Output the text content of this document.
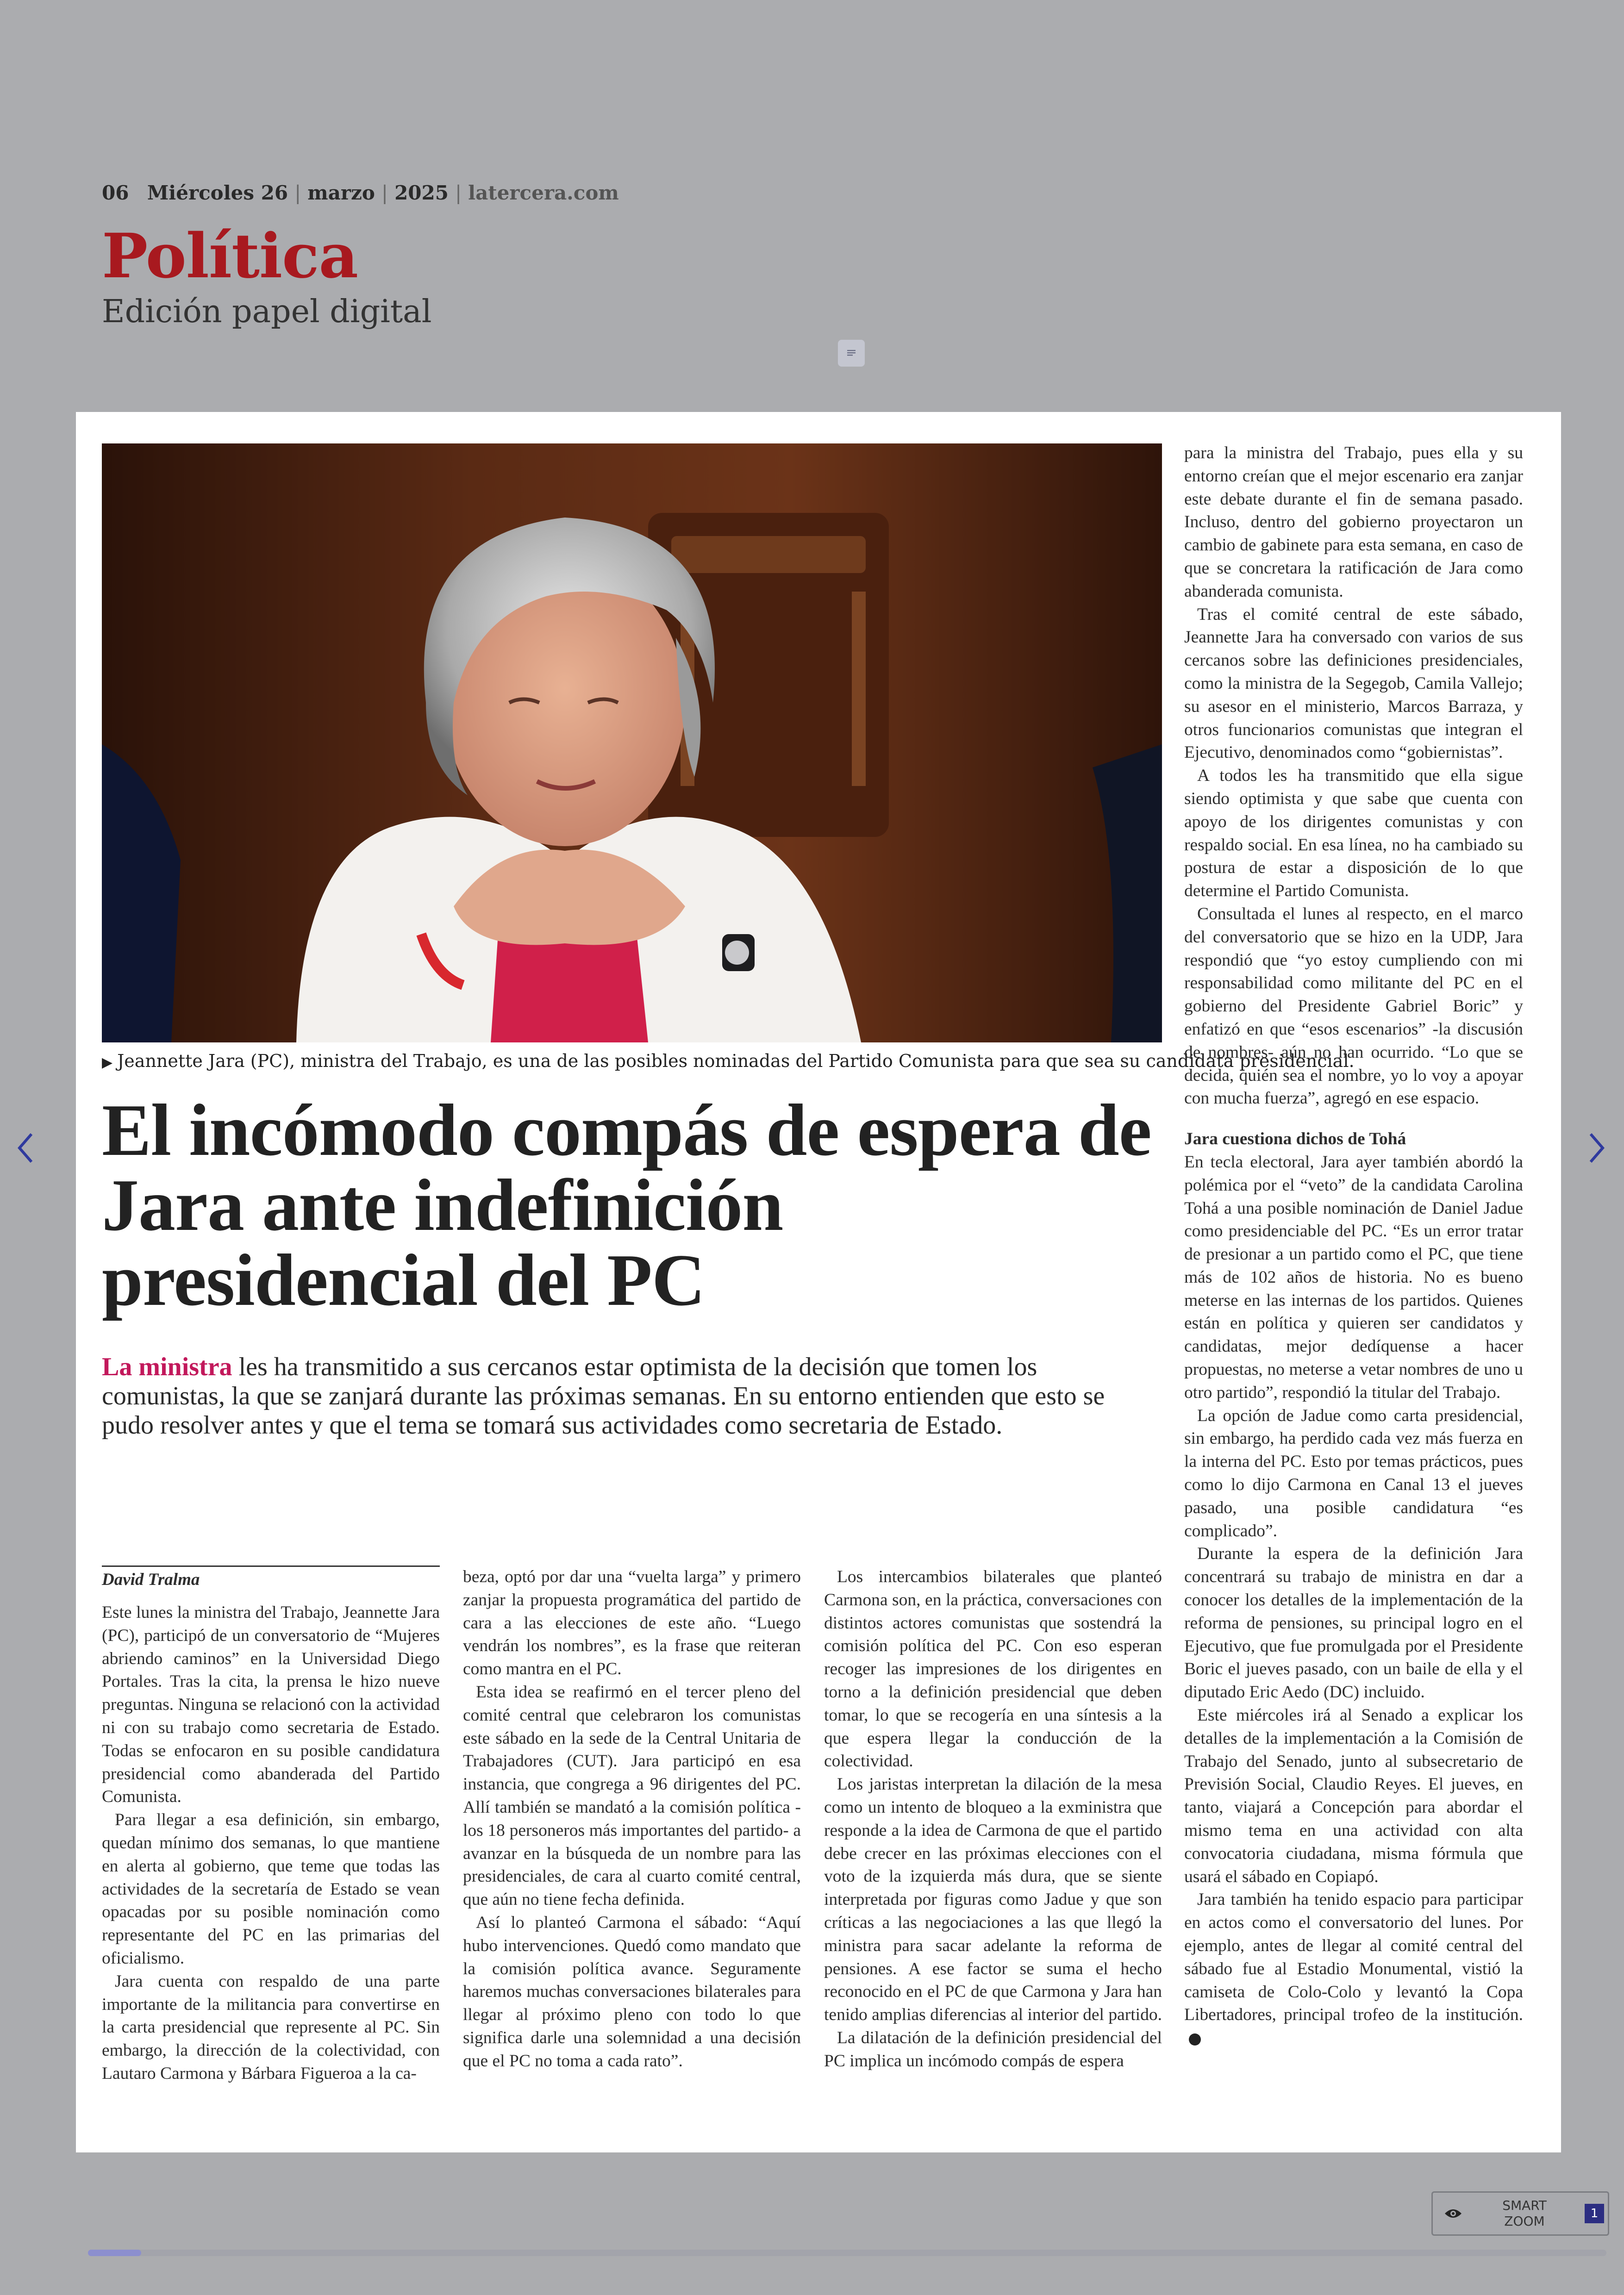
06 Miércoles 26 | marzo | 2025 | latercera.com
Política
Edición papel digital
▶ Jeannette Jara (PC), ministra del Trabajo, es una de las posibles nominadas del Partido Comunista para que sea su candidata presidencial.
El incómodo compás de espera de Jara ante indefinición presidencial del PC

La ministra les ha transmitido a sus cercanos estar optimista de la decisión que tomen los comunistas, la que se zanjará durante las próximas semanas. En su entorno entienden que esto se pudo resolver antes y que el tema se tomará sus actividades como secretaria de Estado.

David Tralma

Este lunes la ministra del Trabajo, Jeannette Jara (PC), participó de un conversatorio de “Mujeres abriendo caminos” en la Universidad Diego Portales. Tras la cita, la prensa le hizo nueve preguntas. Ninguna se relacionó con la actividad ni con su trabajo como secretaria de Estado. Todas se enfocaron en su posible candidatura presidencial como abanderada del Partido Comunista.

Para llegar a esa definición, sin embargo, quedan mínimo dos semanas, lo que mantiene en alerta al gobierno, que teme que todas las actividades de la secretaría de Estado se vean opacadas por su posible nominación como representante del PC en las primarias del oficialismo.

Jara cuenta con respaldo de una parte importante de la militancia para convertirse en la carta presidencial que represente al PC. Sin embargo, la dirección de la colectividad, con Lautaro Carmona y Bárbara Figueroa a la ca-

beza, optó por dar una “vuelta larga” y primero zanjar la propuesta programática del partido de cara a las elecciones de este año. “Luego vendrán los nombres”, es la frase que reiteran como mantra en el PC.

Esta idea se reafirmó en el tercer pleno del comité central que celebraron los comunistas este sábado en la sede de la Central Unitaria de Trabajadores (CUT). Jara participó en esa instancia, que congrega a 96 dirigentes del PC. Allí también se mandató a la comisión política -los 18 personeros más importantes del partido- a avanzar en la búsqueda de un nombre para las presidenciales, de cara al cuarto comité central, que aún no tiene fecha definida.

Así lo planteó Carmona el sábado: “Aquí hubo intervenciones. Quedó como mandato que la comisión política avance. Seguramente haremos muchas conversaciones bilaterales para llegar al próximo pleno con todo lo que significa darle una solemnidad a una decisión que el PC no toma a cada rato”.

Los intercambios bilaterales que planteó Carmona son, en la práctica, conversaciones con distintos actores comunistas que sostendrá la comisión política del PC. Con eso esperan recoger las impresiones de los dirigentes en torno a la definición presidencial que deben tomar, lo que se recogería en una síntesis a la que espera llegar la conducción de la colectividad.

Los jaristas interpretan la dilación de la mesa como un intento de bloqueo a la exministra que responde a la idea de Carmona de que el partido debe crecer en las próximas elecciones con el voto de la izquierda más dura, que se siente interpretada por figuras como Jadue y que son críticas a las negociaciones a las que llegó la ministra para sacar adelante la reforma de pensiones. A ese factor se suma el hecho reconocido en el PC de que Carmona y Jara han tenido amplias diferencias al interior del partido.

La dilatación de la definición presidencial del PC implica un incómodo compás de espera

para la ministra del Trabajo, pues ella y su entorno creían que el mejor escenario era zanjar este debate durante el fin de semana pasado. Incluso, dentro del gobierno proyectaron un cambio de gabinete para esta semana, en caso de que se concretara la ratificación de Jara como abanderada comunista.

Tras el comité central de este sábado, Jeannette Jara ha conversado con varios de sus cercanos sobre las definiciones presidenciales, como la ministra de la Segegob, Camila Vallejo; su asesor en el ministerio, Marcos Barraza, y otros funcionarios comunistas que integran el Ejecutivo, denominados como “gobiernistas”.

A todos les ha transmitido que ella sigue siendo optimista y que sabe que cuenta con apoyo de los dirigentes comunistas y con respaldo social. En esa línea, no ha cambiado su postura de estar a disposición de lo que determine el Partido Comunista.

Consultada el lunes al respecto, en el marco del conversatorio que se hizo en la UDP, Jara respondió que “yo estoy cumpliendo con mi responsabilidad como militante del PC en el gobierno del Presidente Gabriel Boric” y enfatizó en que “esos escenarios” -la discusión de nombres- aún no han ocurrido. “Lo que se decida, quién sea el nombre, yo lo voy a apoyar con mucha fuerza”, agregó en ese espacio.

Jara cuestiona dichos de Tohá

En tecla electoral, Jara ayer también abordó la polémica por el “veto” de la candidata Carolina Tohá a una posible nominación de Daniel Jadue como presidenciable del PC. “Es un error tratar de presionar a un partido como el PC, que tiene más de 102 años de historia. No es bueno meterse en las internas de los partidos. Quienes están en política y quieren ser candidatos y candidatas, mejor dedíquense a hacer propuestas, no meterse a vetar nombres de uno u otro partido”, respondió la titular del Trabajo.

La opción de Jadue como carta presidencial, sin embargo, ha perdido cada vez más fuerza en la interna del PC. Esto por temas prácticos, pues como lo dijo Carmona en Canal 13 el jueves pasado, una posible candidatura “es complicado”.

Durante la espera de la definición Jara concentrará su trabajo de ministra en dar a conocer los detalles de la implementación de la reforma de pensiones, su principal logro en el Ejecutivo, que fue promulgada por el Presidente Boric el jueves pasado, con un baile de ella y el diputado Eric Aedo (DC) incluido.

Este miércoles irá al Senado a explicar los detalles de la implementación a la Comisión de Trabajo del Senado, junto al subsecretario de Previsión Social, Claudio Reyes. El jueves, en tanto, viajará a Concepción para abordar el mismo tema en una actividad con alta convocatoria ciudadana, misma fórmula que usará el sábado en Copiapó.

Jara también ha tenido espacio para participar en actos como el conversatorio del lunes. Por ejemplo, antes de llegar al comité central del sábado fue al Estadio Monumental, vistió la camiseta de Colo-Colo y levantó la Copa Libertadores, principal trofeo de la institución.

SMART ZOOM	1
